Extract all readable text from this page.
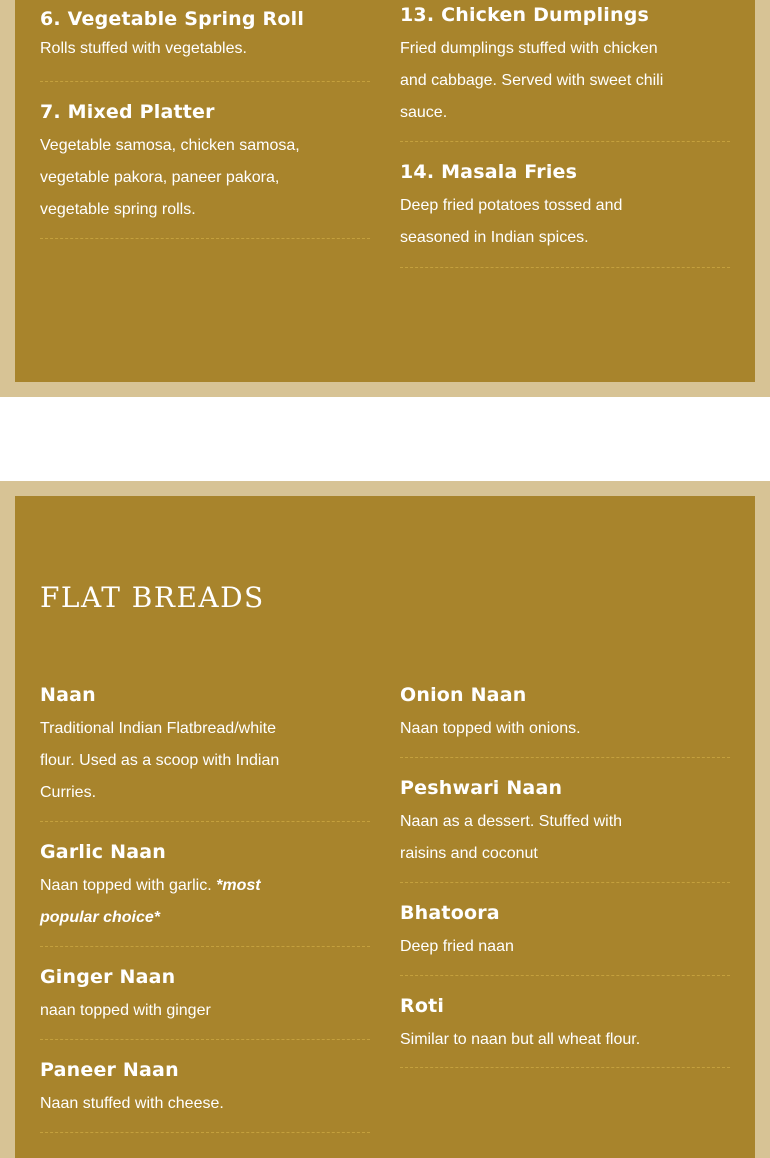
6. Vegetable Spring Roll

Rolls stuffed with vegetables.

7. Mixed Platter

Vegetable samosa, chicken samosa, vegetable pakora, paneer pakora, vegetable spring rolls.

13. Chicken Dumplings

Fried dumplings stuffed with chicken and cabbage. Served with sweet chili sauce.

14. Masala Fries

Deep fried potatoes tossed and seasoned in Indian spices.

FLAT BREADS
Naan

Traditional Indian Flatbread/white flour. Used as a scoop with Indian Curries.

Garlic Naan

Naan topped with garlic. *most popular choice*

Ginger Naan

naan topped with ginger

Paneer Naan

Naan stuffed with cheese.

Onion Naan

Naan topped with onions.

Peshwari Naan

Naan as a dessert. Stuffed with raisins and coconut

Bhatoora

Deep fried naan

Roti

Similar to naan but all wheat flour.
